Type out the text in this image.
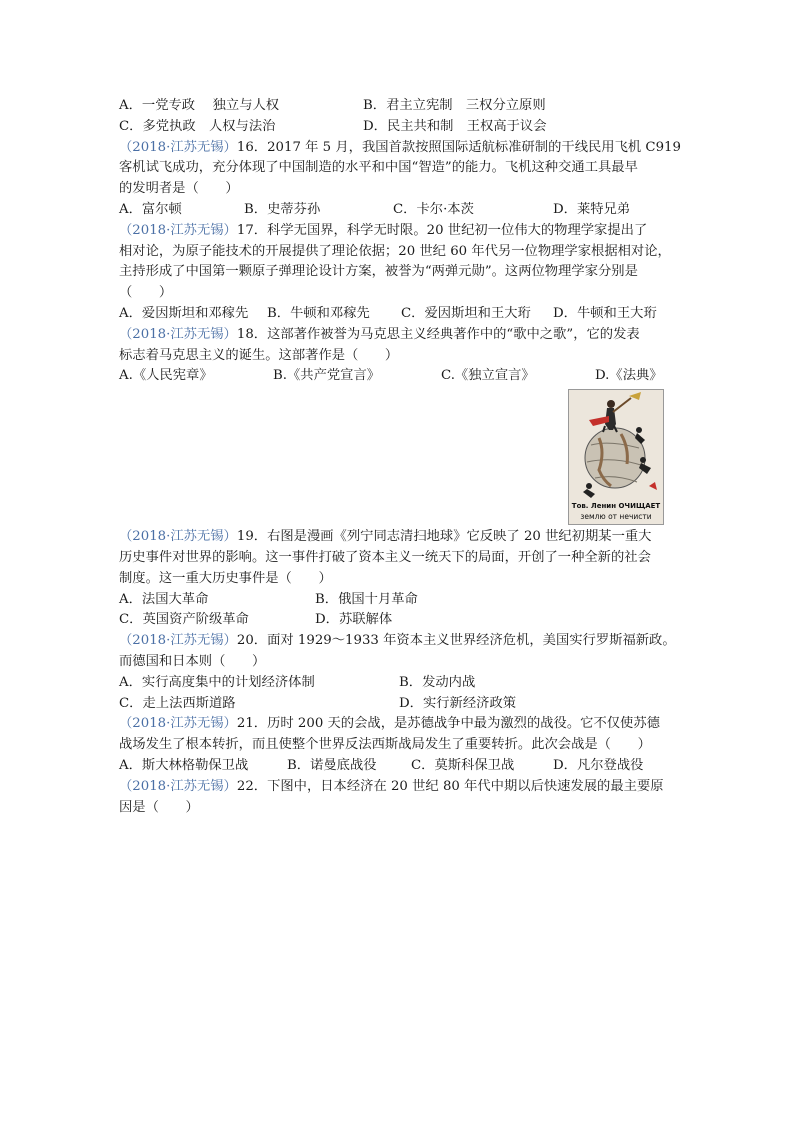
A．一党专政　 独立与人权	B．君主立宪制　三权分立原则
C．多党执政　人权与法治	D．民主共和制　王权高于议会
（2018·江苏无锡）16．2017 年 5 月，我国首款按照国际适航标准研制的干线民用飞机 C919
客机试飞成功，充分体现了中国制造的水平和中国“智造”的能力。飞机这种交通工具最早
的发明者是（　　）
A．富尔顿	B．史蒂芬孙	C．卡尔·本茨	D．莱特兄弟
（2018·江苏无锡）17．科学无国界，科学无时限。20 世纪初一位伟大的物理学家提出了
相对论，为原子能技术的开展提供了理论依据；20 世纪 60 年代另一位物理学家根据相对论，
主持形成了中国第一颗原子弹理论设计方案，被誉为“两弹元勋”。这两位物理学家分别是
（　　）
A．爱因斯坦和邓稼先 B．牛顿和邓稼先 C．爱因斯坦和王大珩 D．牛顿和王大珩
（2018·江苏无锡）18．这部著作被誉为马克思主义经典著作中的“歌中之歌”，它的发表
标志着马克思主义的诞生。这部著作是（　　）
A.《人民宪章》	B.《共产党宣言》	C.《独立宣言》	D.《法典》
Тов. Ленин ОЧИЩАЕТ
землю от нечисти
（2018·江苏无锡）19．右图是漫画《列宁同志清扫地球》它反映了 20 世纪初期某一重大
历史事件对世界的影响。这一事件打破了资本主义一统天下的局面，开创了一种全新的社会
制度。这一重大历史事件是（　　）
A．法国大革命	B．俄国十月革命
C．英国资产阶级革命	D．苏联解体
（2018·江苏无锡）20．面对 1929～1933 年资本主义世界经济危机，美国实行罗斯福新政。
而德国和日本则（　　）
A．实行高度集中的计划经济体制	B．发动内战
C．走上法西斯道路	D．实行新经济政策
（2018·江苏无锡）21．历时 200 天的会战，是苏德战争中最为激烈的战役。它不仅使苏德
战场发生了根本转折，而且使整个世界反法西斯战局发生了重要转折。此次会战是（　　）
A．斯大林格勒保卫战	B．诺曼底战役	C．莫斯科保卫战	D．凡尔登战役
（2018·江苏无锡）22．下图中，日本经济在 20 世纪 80 年代中期以后快速发展的最主要原
因是（　　）
